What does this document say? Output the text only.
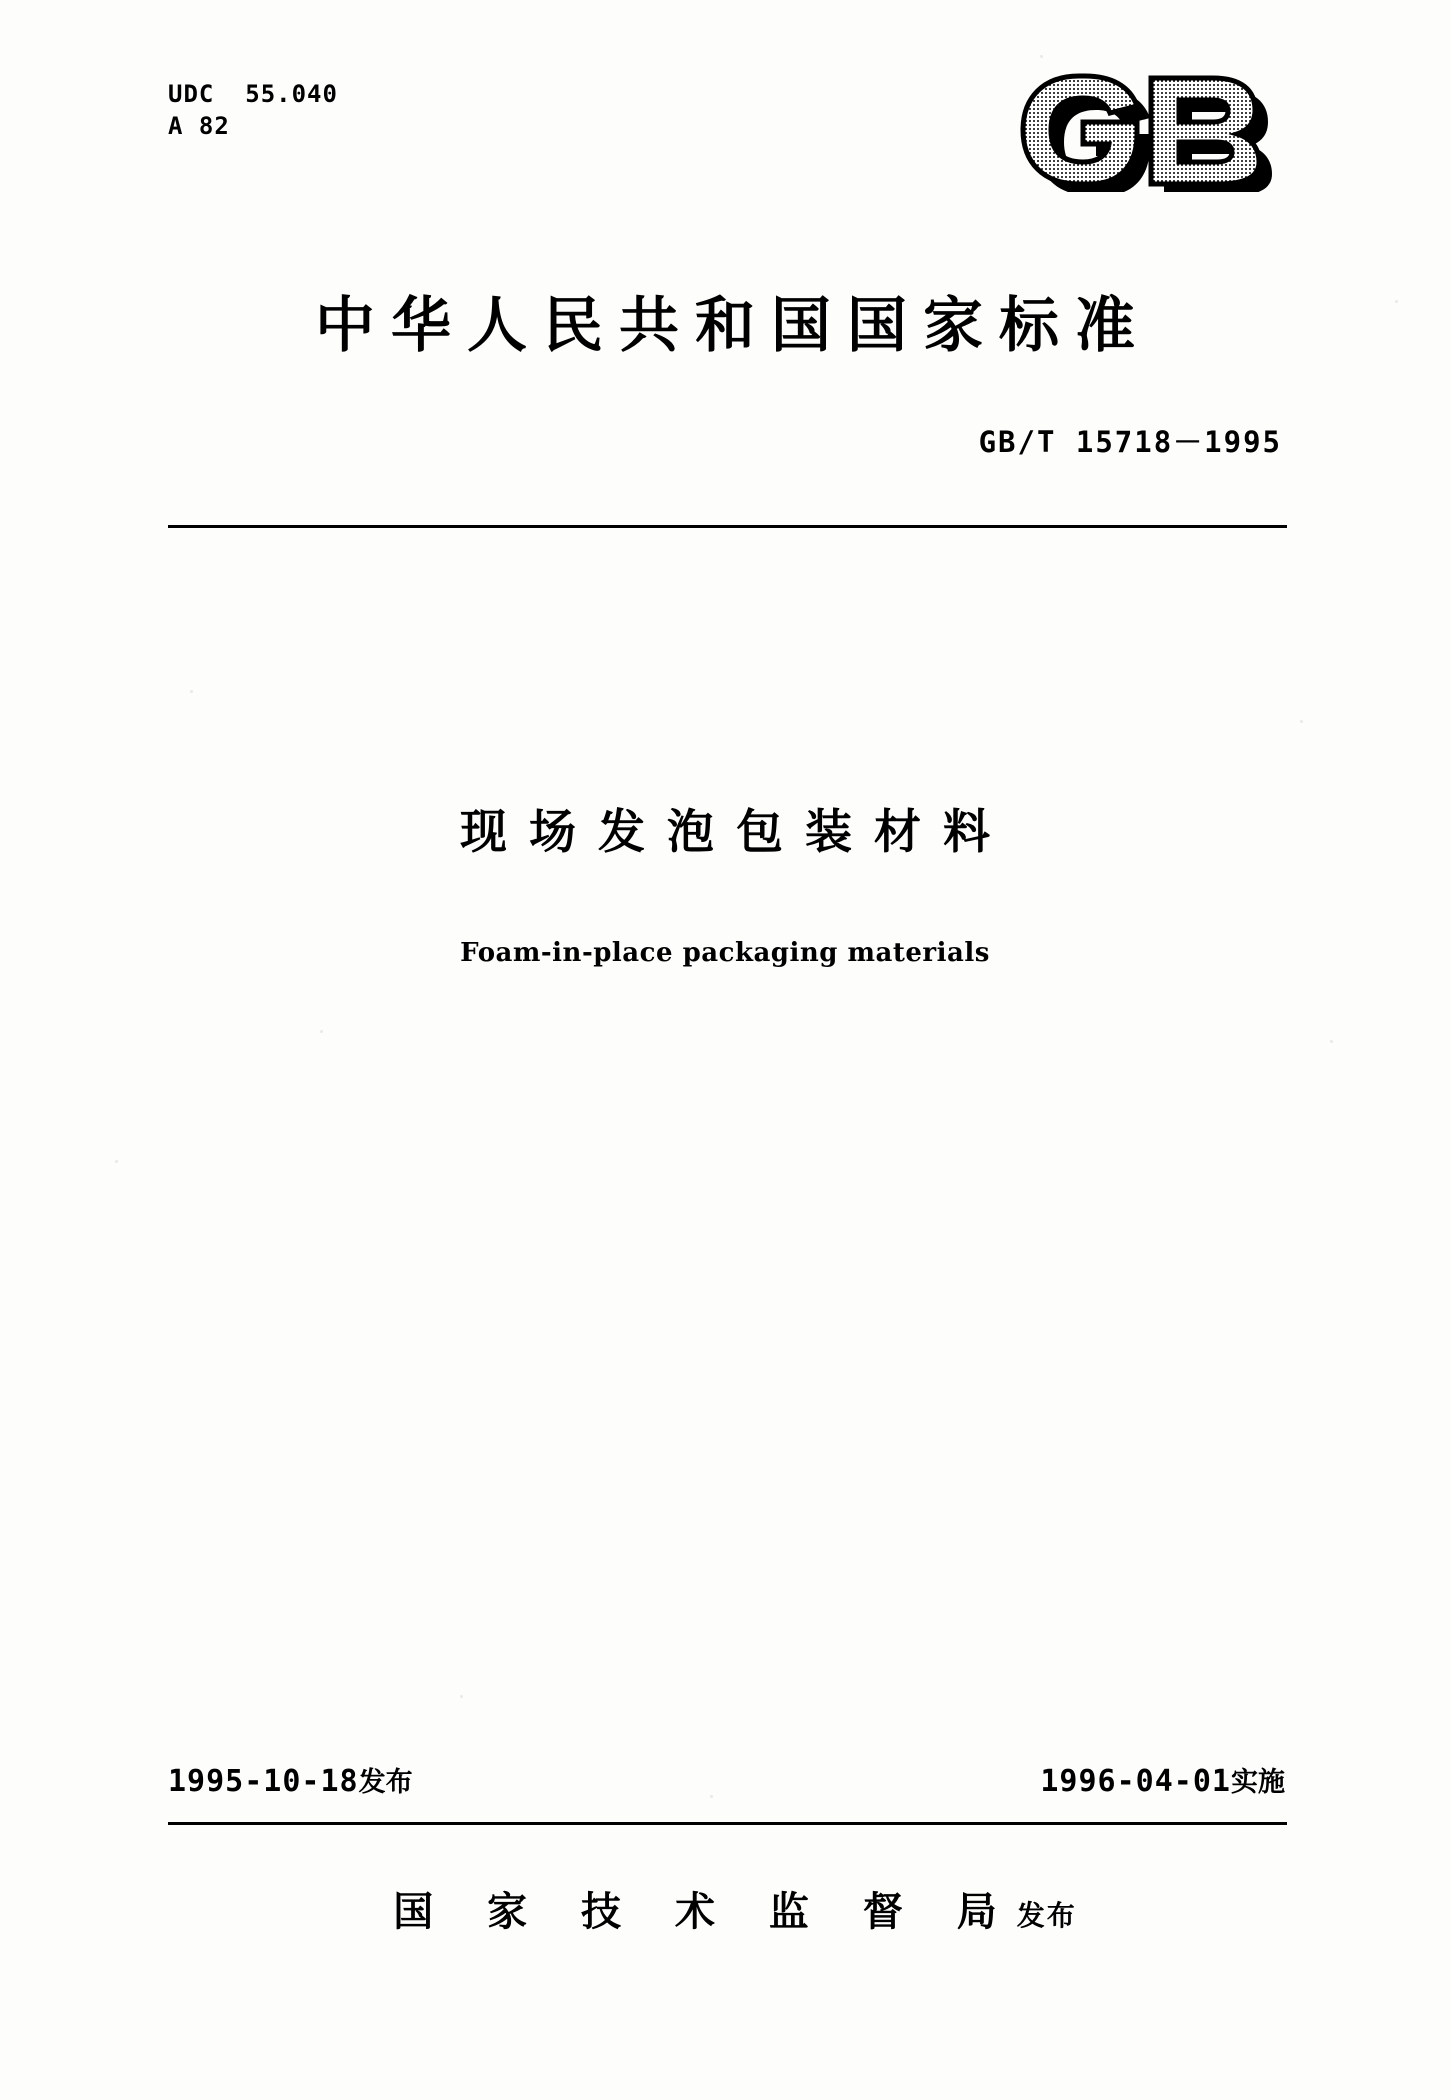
UDC  55.040
A 82
中华人民共和国国家标准
GB/T 15718－1995
现场发泡包装材料
Foam-in-place packaging materials
1995-10-18发布	1996-04-01实施
国 家 技 术 监 督 局发布
